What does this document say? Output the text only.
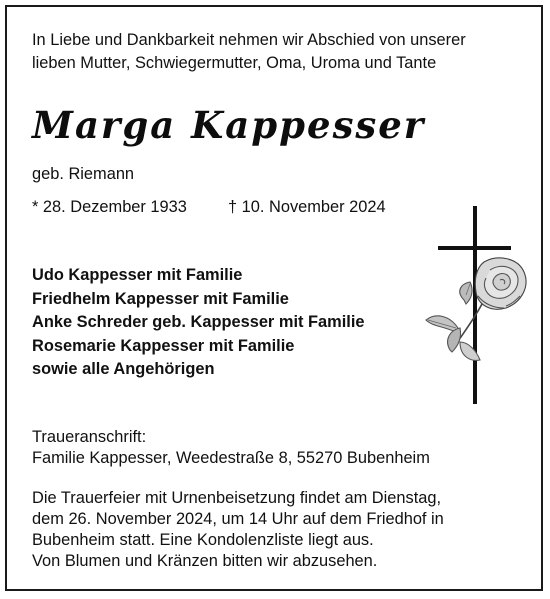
In Liebe und Dankbarkeit nehmen wir Abschied von unserer
lieben Mutter, Schwiegermutter, Oma, Uroma und Tante
Marga Kappesser
geb. Riemann
* 28. Dezember 1933	† 10. November 2024
Udo Kappesser mit Familie
Friedhelm Kappesser mit Familie
Anke Schreder geb. Kappesser mit Familie
Rosemarie Kappesser mit Familie
sowie alle Angehörigen
Traueranschrift:
Familie Kappesser, Weedestraße 8, 55270 Bubenheim
Die Trauerfeier mit Urnenbeisetzung findet am Dienstag,
dem 26. November 2024, um 14 Uhr auf dem Friedhof in
Bubenheim statt. Eine Kondolenzliste liegt aus.
Von Blumen und Kränzen bitten wir abzusehen.
